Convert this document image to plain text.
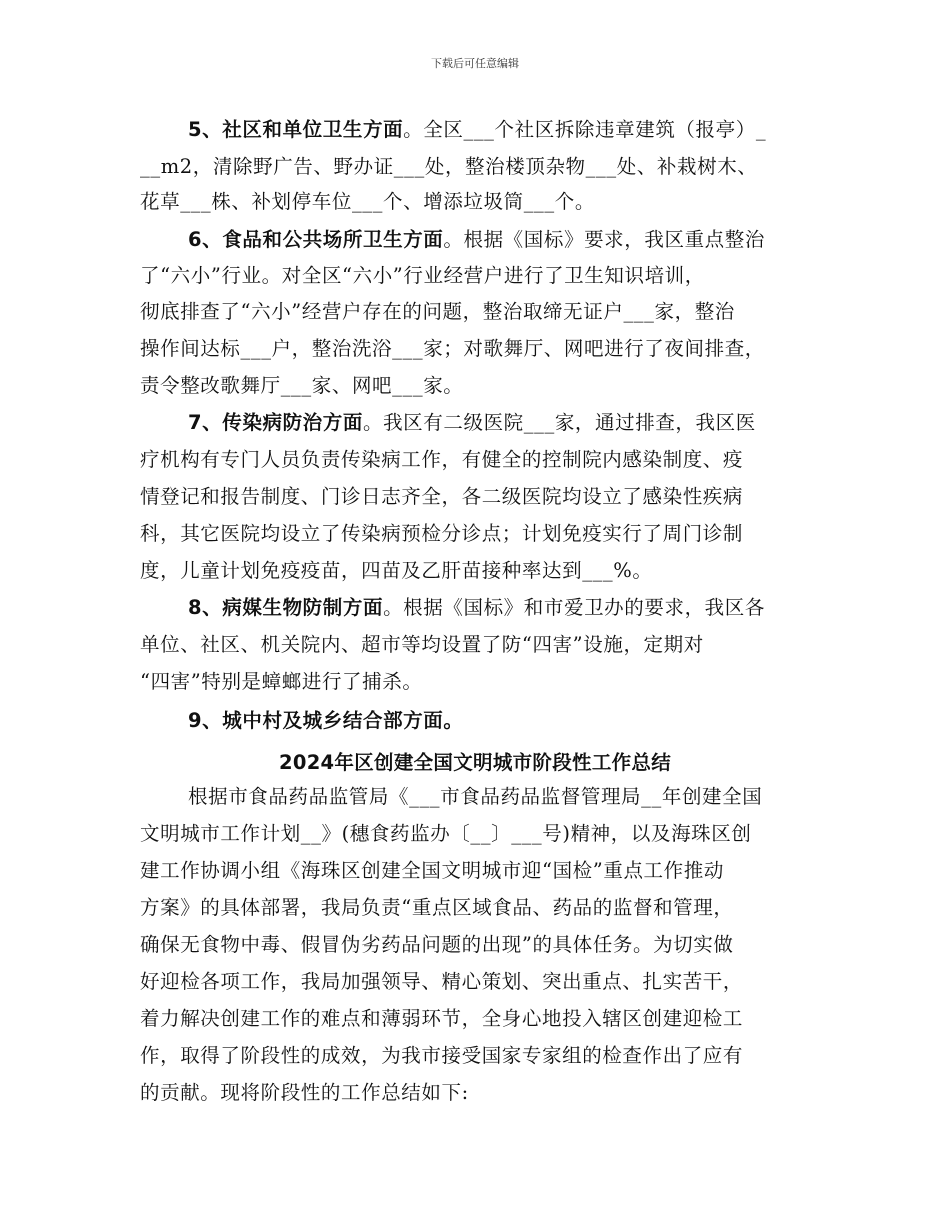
下载后可任意编辑
5、社区和单位卫生方面。全区___个社区拆除违章建筑（报亭）_
__m2，清除野广告、野办证___处，整治楼顶杂物___处、补栽树木、
花草___株、补划停车位___个、增添垃圾筒___个。
6、食品和公共场所卫生方面。根据《国标》要求，我区重点整治
了“六小”行业。对全区“六小”行业经营户进行了卫生知识培训，
彻底排查了“六小”经营户存在的问题，整治取缔无证户___家，整治
操作间达标___户，整治洗浴___家；对歌舞厅、网吧进行了夜间排查，
责令整改歌舞厅___家、网吧___家。
7、传染病防治方面。我区有二级医院___家，通过排查，我区医
疗机构有专门人员负责传染病工作，有健全的控制院内感染制度、疫
情登记和报告制度、门诊日志齐全，各二级医院均设立了感染性疾病
科，其它医院均设立了传染病预检分诊点；计划免疫实行了周门诊制
度，儿童计划免疫疫苗，四苗及乙肝苗接种率达到___%。
8、病媒生物防制方面。根据《国标》和市爱卫办的要求，我区各
单位、社区、机关院内、超市等均设置了防“四害”设施，定期对
“四害”特别是蟑螂进行了捕杀。
9、城中村及城乡结合部方面。
2024年区创建全国文明城市阶段性工作总结
根据市食品药品监管局《___市食品药品监督管理局__年创建全国
文明城市工作计划__》(穗食药监办〔__〕___号)精神，以及海珠区创
建工作协调小组《海珠区创建全国文明城市迎“国检”重点工作推动
方案》的具体部署，我局负责“重点区域食品、药品的监督和管理，
确保无食物中毒、假冒伪劣药品问题的出现”的具体任务。为切实做
好迎检各项工作，我局加强领导、精心策划、突出重点、扎实苦干，
着力解决创建工作的难点和薄弱环节，全身心地投入辖区创建迎检工
作，取得了阶段性的成效，为我市接受国家专家组的检查作出了应有
的贡献。现将阶段性的工作总结如下:
